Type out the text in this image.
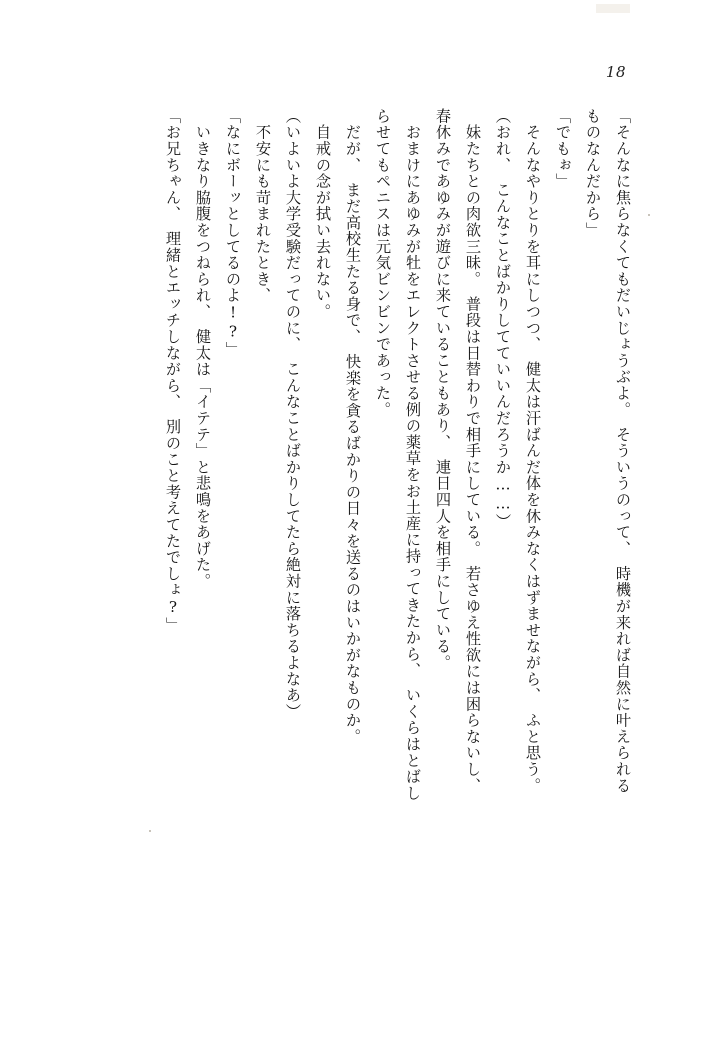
18

「そんなに焦らなくてもだいじょうぶよ。　そういうのって、　時機が来れば自然に叶えられるものなんだから」

「でもぉ」

　そんなやりとりを耳にしつつ、　健太は汗ばんだ体を休みなくはずませながら、　ふと思う。

（おれ、　こんなことばかりしてていいんだろうか……）

　妹たちとの肉欲三昧。　普段は日替わりで相手にしている。　若さゆえ性欲には困らないし、　春休みであゆみが遊びに来ていることもあり、　連日四人を相手にしている。

　おまけにあゆみが牡をエレクトさせる例の薬草をお土産に持ってきたから、　いくらはとばしらせてもペニスは元気ビンビンであった。

　だが、　まだ高校生たる身で、　快楽を貪るばかりの日々を送るのはいかがなものか。

　自戒の念が拭い去れない。

（いよいよ大学受験だってのに、　こんなことばかりしてたら絶対に落ちるよなあ）

　不安にも苛まれたとき、

「なにボーッとしてるのよ!?」

　いきなり脇腹をつねられ、　健太は「イテテ」と悲鳴をあげた。

「お兄ちゃん、　理緒とエッチしながら、　別のこと考えてたでしょ?」
